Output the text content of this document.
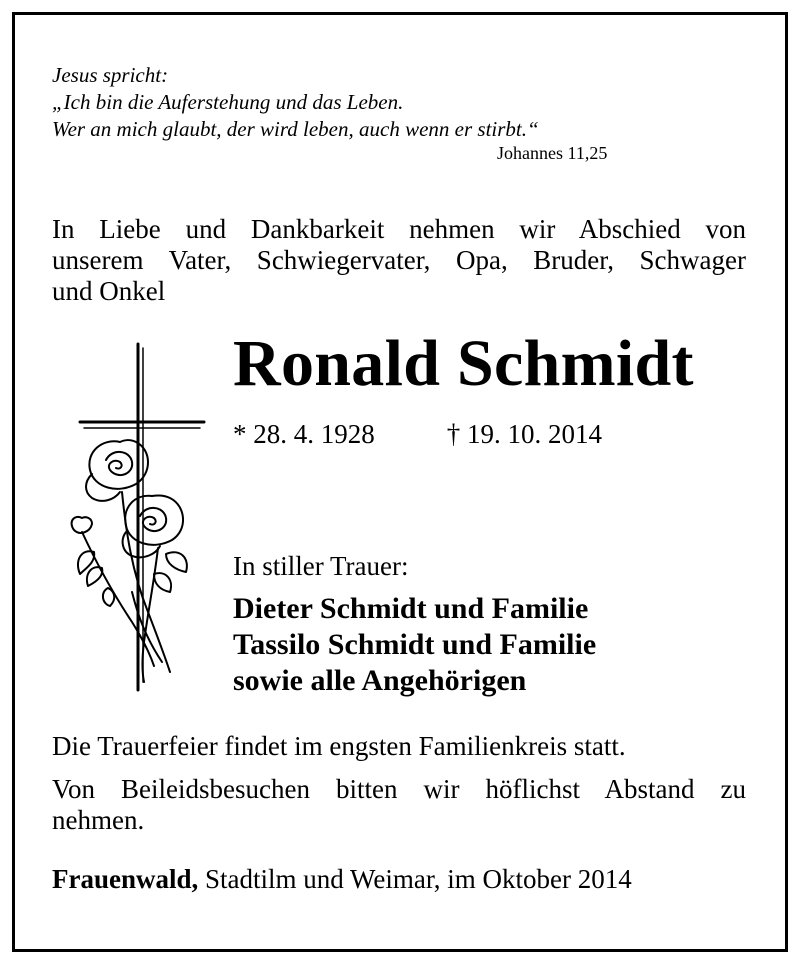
Jesus spricht:
„Ich bin die Auferstehung und das Leben.
Wer an mich glaubt, der wird leben, auch wenn er stirbt.“
Johannes 11,25
In Liebe und Dankbarkeit nehmen wir Abschied von
unserem Vater, Schwiegervater, Opa, Bruder, Schwager
und Onkel
Ronald Schmidt
* 28. 4. 1928	† 19. 10. 2014
In stiller Trauer:
Dieter Schmidt und Familie
Tassilo Schmidt und Familie
sowie alle Angehörigen
Die Trauerfeier findet im engsten Familienkreis statt.
Von Beileidsbesuchen bitten wir höflichst Abstand zu
nehmen.
Frauenwald, Stadtilm und Weimar, im Oktober 2014
